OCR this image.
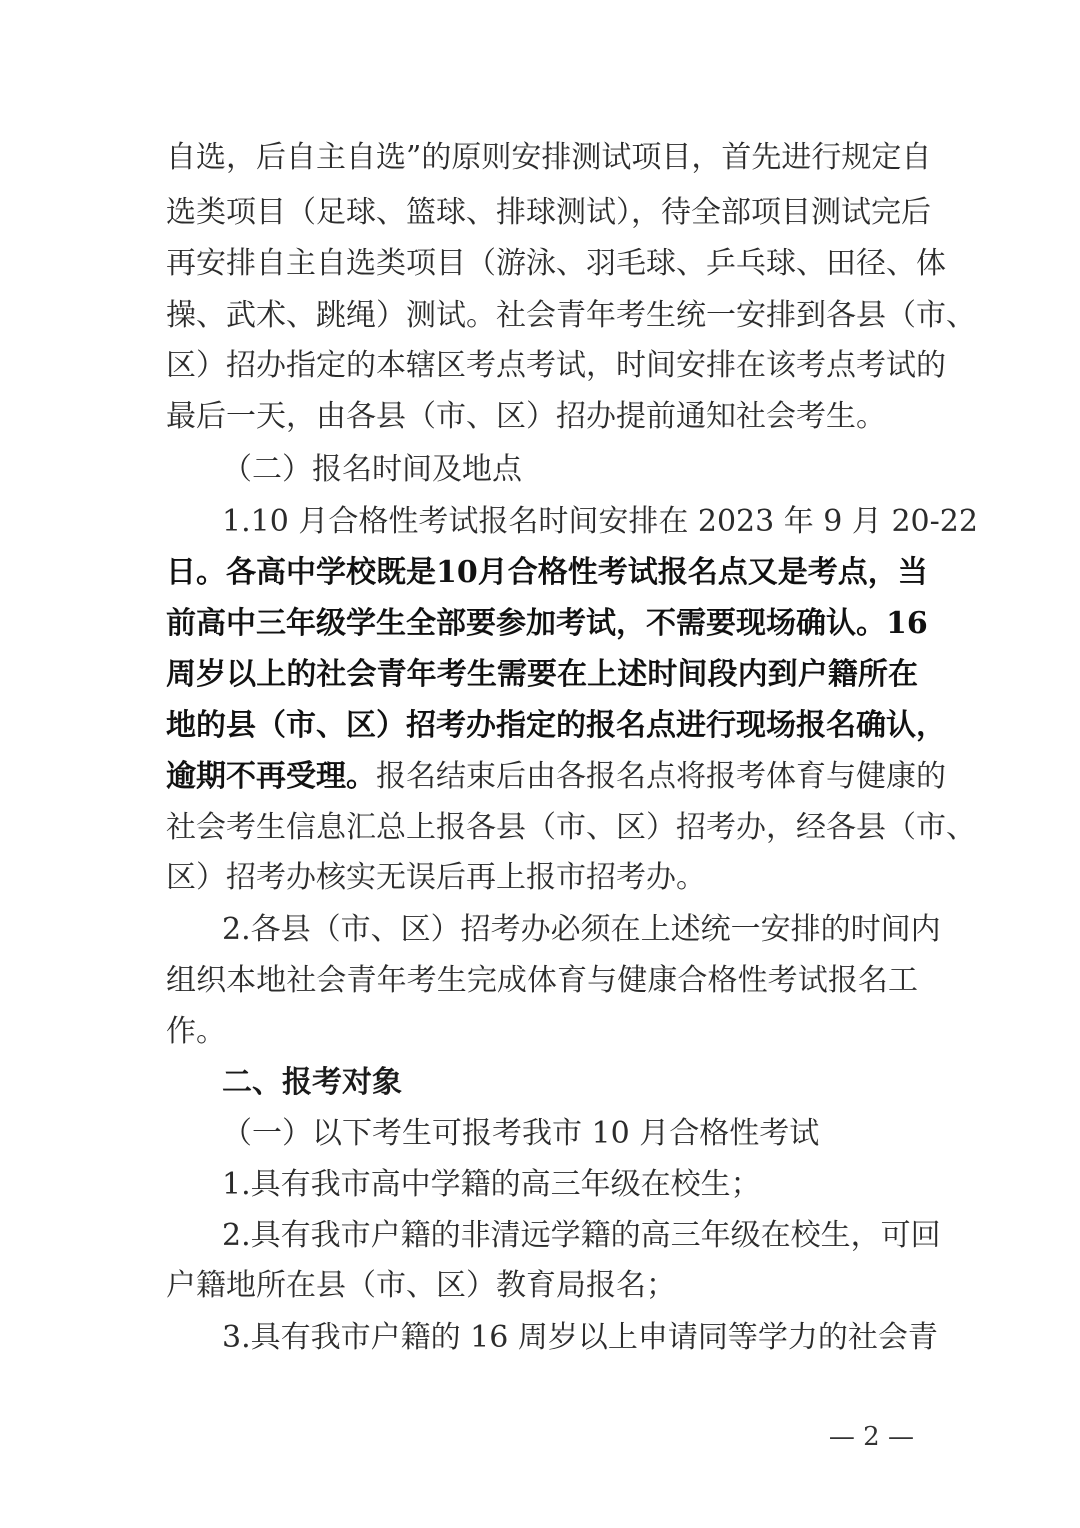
自选，后自主自选”的原则安排测试项目，首先进行规定自
选类项目（足球、篮球、排球测试），待全部项目测试完后
再安排自主自选类项目（游泳、羽毛球、乒乓球、田径、体
操、武术、跳绳）测试。社会青年考生统一安排到各县（市、
区）招办指定的本辖区考点考试，时间安排在该考点考试的
最后一天，由各县（市、区）招办提前通知社会考生。
（二）报名时间及地点
1.10 月合格性考试报名时间安排在 2023 年 9 月 20-22
日。各高中学校既是10月合格性考试报名点又是考点，当
前高中三年级学生全部要参加考试，不需要现场确认。16
周岁以上的社会青年考生需要在上述时间段内到户籍所在
地的县（市、区）招考办指定的报名点进行现场报名确认，
逾期不再受理。报名结束后由各报名点将报考体育与健康的
社会考生信息汇总上报各县（市、区）招考办，经各县（市、
区）招考办核实无误后再上报市招考办。
2.各县（市、区）招考办必须在上述统一安排的时间内
组织本地社会青年考生完成体育与健康合格性考试报名工
作。
二、报考对象
（一）以下考生可报考我市 10 月合格性考试
1.具有我市高中学籍的高三年级在校生；
2.具有我市户籍的非清远学籍的高三年级在校生，可回
户籍地所在县（市、区）教育局报名；
3.具有我市户籍的 16 周岁以上申请同等学力的社会青
— 2 —
